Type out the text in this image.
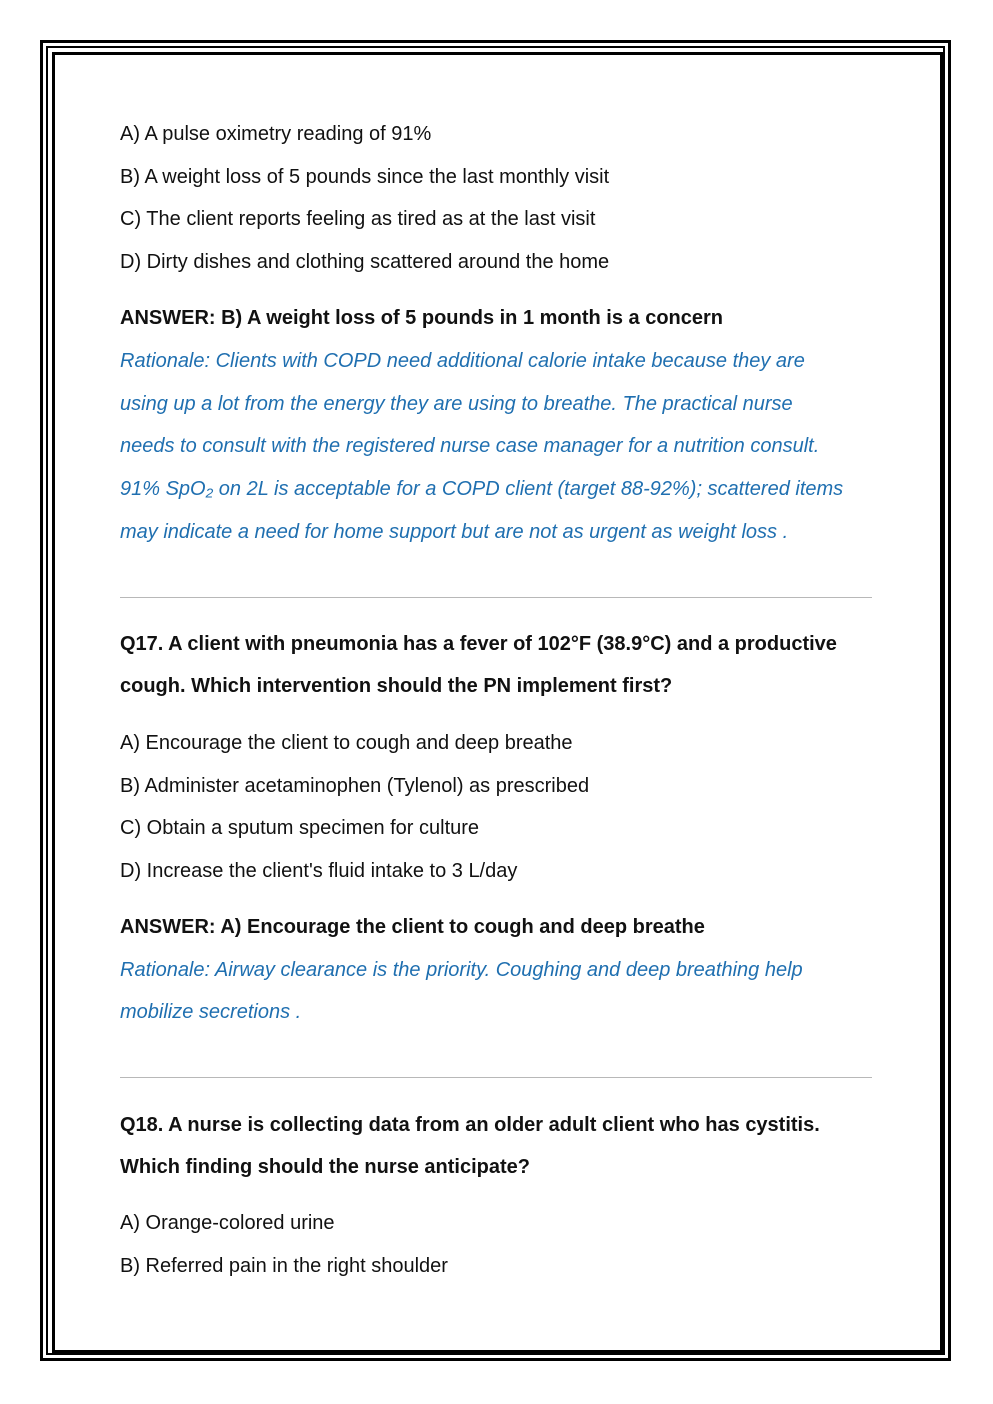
A) A pulse oximetry reading of 91%
B) A weight loss of 5 pounds since the last monthly visit
C) The client reports feeling as tired as at the last visit
D) Dirty dishes and clothing scattered around the home
ANSWER: B) A weight loss of 5 pounds in 1 month is a concern
Rationale: Clients with COPD need additional calorie intake because they are
using up a lot from the energy they are using to breathe. The practical nurse
needs to consult with the registered nurse case manager for a nutrition consult.
91% SpO₂ on 2L is acceptable for a COPD client (target 88-92%); scattered items
may indicate a need for home support but are not as urgent as weight loss .
Q17. A client with pneumonia has a fever of 102°F (38.9°C) and a productive
cough. Which intervention should the PN implement first?
A) Encourage the client to cough and deep breathe
B) Administer acetaminophen (Tylenol) as prescribed
C) Obtain a sputum specimen for culture
D) Increase the client's fluid intake to 3 L/day
ANSWER: A) Encourage the client to cough and deep breathe
Rationale: Airway clearance is the priority. Coughing and deep breathing help
mobilize secretions .
Q18. A nurse is collecting data from an older adult client who has cystitis.
Which finding should the nurse anticipate?
A) Orange-colored urine
B) Referred pain in the right shoulder
